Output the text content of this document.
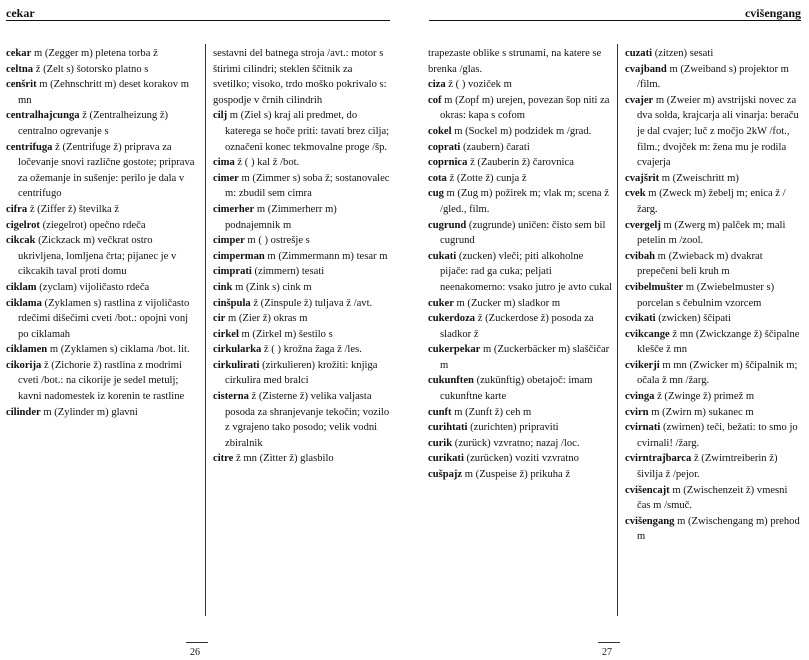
cekar	cvišengang

cekar m (Zegger m) pletena torba ž

celtna ž (Zelt s) šotorsko platno s

cenšrit m (Zehnschritt m) deset korakov m mn

centralhajcunga ž (Zentralheizung ž) centralno ogrevanje s

centrifuga ž (Zentrifuge ž) priprava za ločevanje snovi različne gostote; priprava za ožemanje in sušenje: perilo je dala v centrifugo

cifra ž (Ziffer ž) številka ž

cigelrot (ziegelrot) opečno rdeča

cikcak (Zickzack m) večkrat ostro ukrivljena, lomljena črta; pijanec je v cikcakih taval proti domu

ciklam (zyclam) vijoličasto rdeča

ciklama (Zyklamen s) rastlina z vijoličasto rdečimi dišečimi cveti /bot.: opojni vonj po ciklamah

ciklamen m (Zyklamen s) ciklama /bot. lit.

cikorija ž (Zichorie ž) rastlina z modrimi cveti /bot.: na cikorije je sedel metulj; kavni nadomestek iz korenin te rastline

cilinder m (Zylinder m) glavni

sestavni del batnega stroja /avt.: motor s štirimi cilindri; steklen ščitnik za svetilko; visoko, trdo moško pokrivalo s: gospodje v črnih cilindrih

cilj m (Ziel s) kraj ali predmet, do katerega se hoče priti: tavati brez cilja; označeni konec tekmovalne proge /šp.

cima ž ( ) kal ž /bot.

cimer m (Zimmer s) soba ž; sostanovalec m: zbudil sem cimra

cimerher m (Zimmerherr m) podnajemnik m

cimper m ( ) ostrešje s

cimperman m (Zimmermann m) tesar m

cimprati (zimmern) tesati

cink m (Zink s) cink m

cinšpula ž (Zinspule ž) tuljava ž /avt.

cir m (Zier ž) okras m

cirkel m (Zirkel m) šestilo s

cirkularka ž ( ) krožna žaga ž /les.

cirkulirati (zirkulieren) krožiti: knjiga cirkulira med bralci

cisterna ž (Zisterne ž) velika valjasta posoda za shranjevanje tekočin; vozilo z vgrajeno tako posodo; velik vodni zbiralnik

citre ž mn (Zitter ž) glasbilo

trapezaste oblike s strunami, na katere se brenka /glas.

ciza ž ( ) voziček m

cof m (Zopf m) urejen, povezan šop niti za okras: kapa s cofom

cokel m (Sockel m) podzidek m /grad.

coprati (zaubern) čarati

coprnica ž (Zauberin ž) čarovnica

cota ž (Zotte ž) cunja ž

cug m (Zug m) požirek m; vlak m; scena ž /gled., film.

cugrund (zugrunde) uničen: čisto sem bil cugrund

cukati (zucken) vleči; piti alkoholne pijače: rad ga cuka; peljati neenakomerno: vsako jutro je avto cukal

cuker m (Zucker m) sladkor m

cukerdoza ž (Zuckerdose ž) posoda za sladkor ž

cukerpekar m (Zuckerbäcker m) slaščičar m

cukunften (zukünftig) obetajoč: imam cukunftne karte

cunft m (Zunft ž) ceh m

curihtati (zurichten) pripraviti

curik (zurück) vzvratno; nazaj /loc.

curikati (zurücken) voziti vzvratno

cušpajz m (Zuspeise ž) prikuha ž

cuzati (zitzen) sesati

cvajband m (Zweiband s) projektor m /film.

cvajer m (Zweier m) avstrijski novec za dva solda, krajcarja ali vinarja: beraču je dal cvajer; luč z močjo 2kW /fot., film.; dvojček m: žena mu je rodila cvajerja

cvajšrit m (Zweischritt m)

cvek m (Zweck m) žebelj m; enica ž /žarg.

cvergelj m (Zwerg m) palček m; mali petelin m /zool.

cvibah m (Zwieback m) dvakrat prepečeni beli kruh m

cvibelmušter m (Zwiebelmuster s) porcelan s čebulnim vzorcem

cvikati (zwicken) ščipati

cvikcange ž mn (Zwickzange ž) ščipalne klešče ž mn

cvikerji m mn (Zwicker m) ščipalnik m; očala ž mn /žarg.

cvinga ž (Zwinge ž) primež m

cvirn m (Zwirn m) sukanec m

cvirnati (zwirnen) teči, bežati: to smo jo cvirnali! /žarg.

cvirntrajbarca ž (Zwirntreiberin ž) šivilja ž /pejor.

cvišencajt m (Zwischenzeit ž) vmesni čas m /smuč.

cvišengang m (Zwischengang m) prehod m

26	27
